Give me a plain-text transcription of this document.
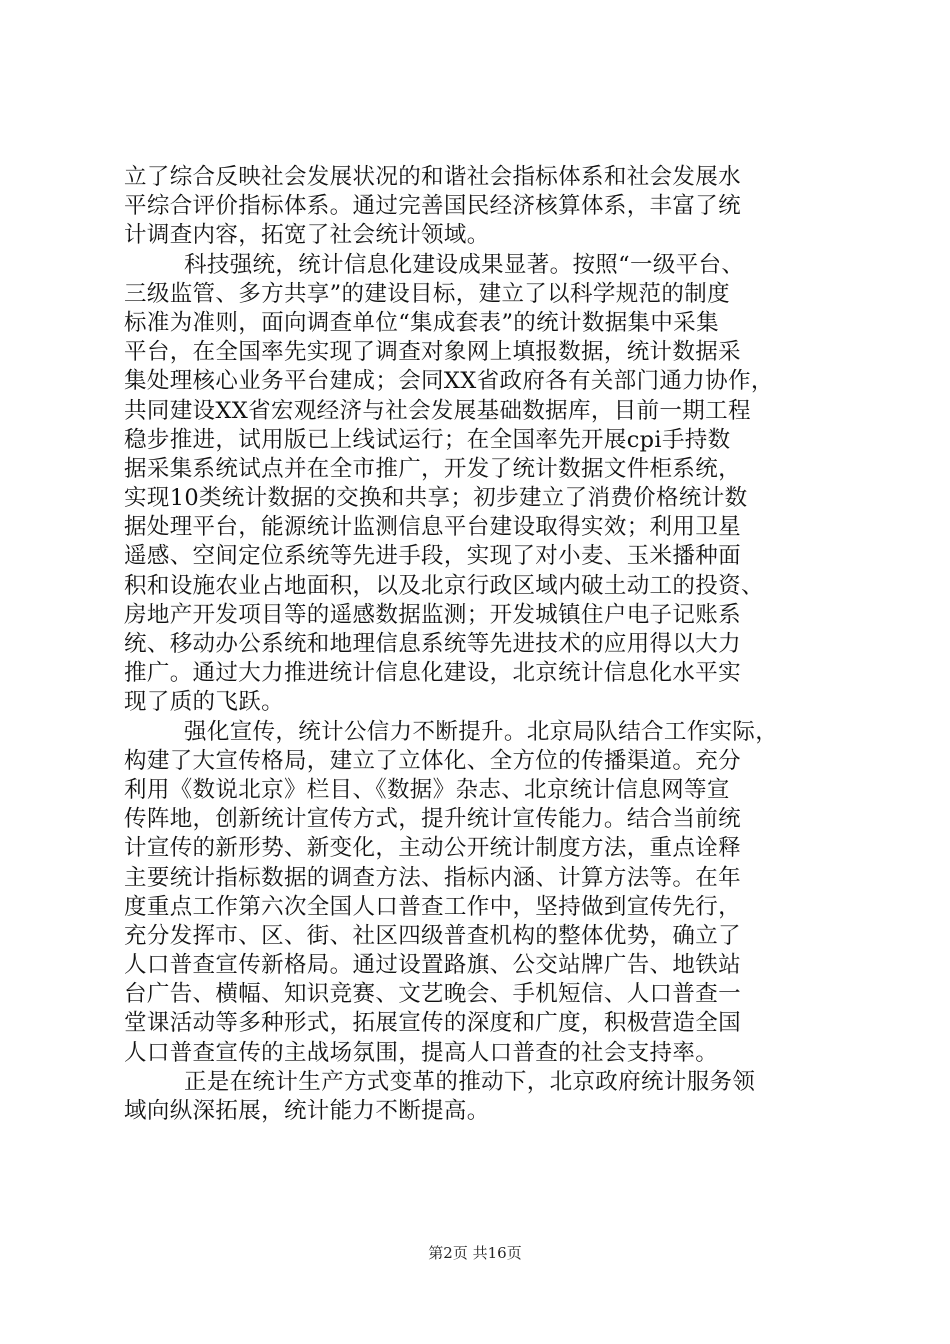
立了综合反映社会发展状况的和谐社会指标体系和社会发展水
平综合评价指标体系。通过完善国民经济核算体系，丰富了统
计调查内容，拓宽了社会统计领域。
科技强统，统计信息化建设成果显著。按照“一级平台、
三级监管、多方共享”的建设目标，建立了以科学规范的制度
标准为准则，面向调查单位“集成套表”的统计数据集中采集
平台，在全国率先实现了调查对象网上填报数据，统计数据采
集处理核心业务平台建成；会同XX省政府各有关部门通力协作，
共同建设XX省宏观经济与社会发展基础数据库，目前一期工程
稳步推进，试用版已上线试运行；在全国率先开展cpi手持数
据采集系统试点并在全市推广，开发了统计数据文件柜系统，
实现10类统计数据的交换和共享；初步建立了消费价格统计数
据处理平台，能源统计监测信息平台建设取得实效；利用卫星
遥感、空间定位系统等先进手段，实现了对小麦、玉米播种面
积和设施农业占地面积，以及北京行政区域内破土动工的投资、
房地产开发项目等的遥感数据监测；开发城镇住户电子记账系
统、移动办公系统和地理信息系统等先进技术的应用得以大力
推广。通过大力推进统计信息化建设，北京统计信息化水平实
现了质的飞跃。
强化宣传，统计公信力不断提升。北京局队结合工作实际，
构建了大宣传格局，建立了立体化、全方位的传播渠道。充分
利用《数说北京》栏目、《数据》杂志、北京统计信息网等宣
传阵地，创新统计宣传方式，提升统计宣传能力。结合当前统
计宣传的新形势、新变化，主动公开统计制度方法，重点诠释
主要统计指标数据的调查方法、指标内涵、计算方法等。在年
度重点工作第六次全国人口普查工作中，坚持做到宣传先行，
充分发挥市、区、街、社区四级普查机构的整体优势，确立了
人口普查宣传新格局。通过设置路旗、公交站牌广告、地铁站
台广告、横幅、知识竞赛、文艺晚会、手机短信、人口普查一
堂课活动等多种形式，拓展宣传的深度和广度，积极营造全国
人口普查宣传的主战场氛围，提高人口普查的社会支持率。
正是在统计生产方式变革的推动下，北京政府统计服务领
域向纵深拓展，统计能力不断提高。
第2页 共16页
